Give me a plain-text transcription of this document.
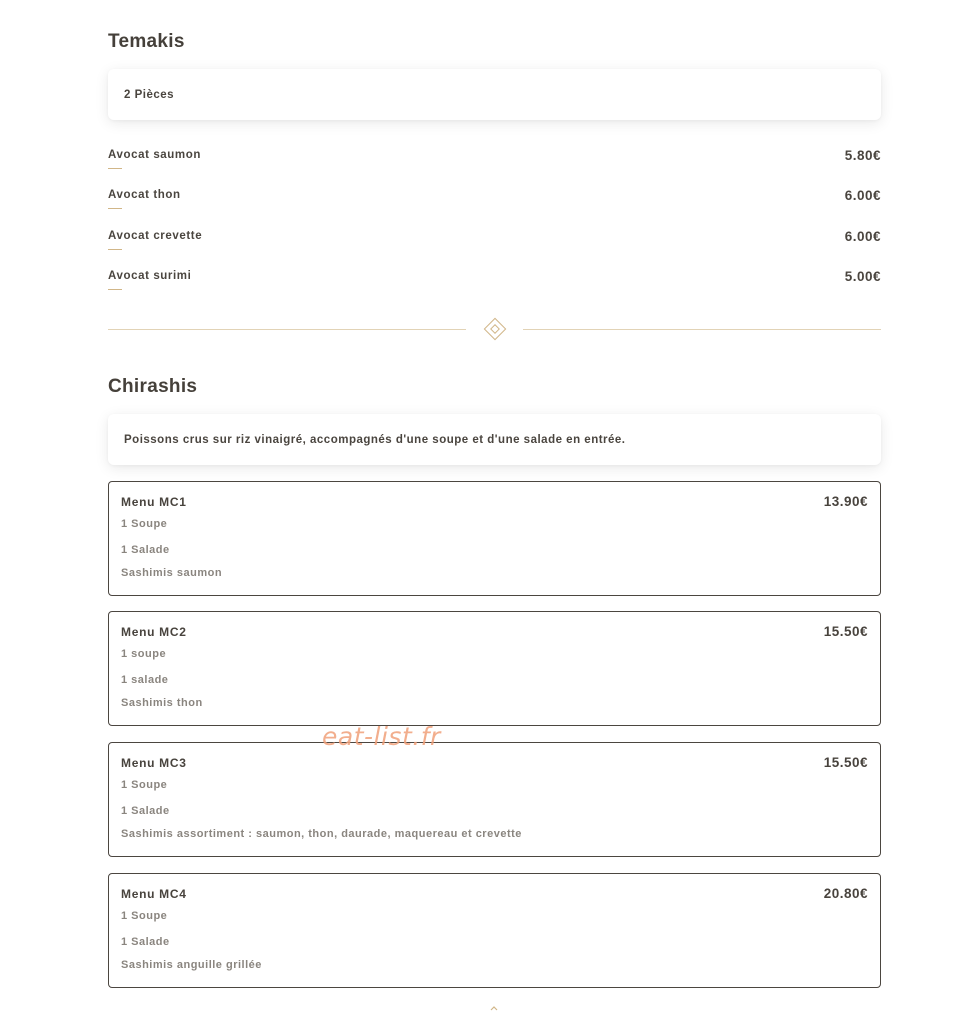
Temakis
2 Pièces
Avocat saumon	5.80€
Avocat thon	6.00€
Avocat crevette	6.00€
Avocat surimi	5.00€
Chirashis
Poissons crus sur riz vinaigré, accompagnés d'une soupe et d'une salade en entrée.
Menu MC1	13.90€
1 Soupe
1 Salade
Sashimis saumon
Menu MC2	15.50€
1 soupe
1 salade
Sashimis thon
Menu MC3	15.50€
1 Soupe
1 Salade
Sashimis assortiment : saumon, thon, daurade, maquereau et crevette
Menu MC4	20.80€
1 Soupe
1 Salade
Sashimis anguille grillée
eat-list.fr
